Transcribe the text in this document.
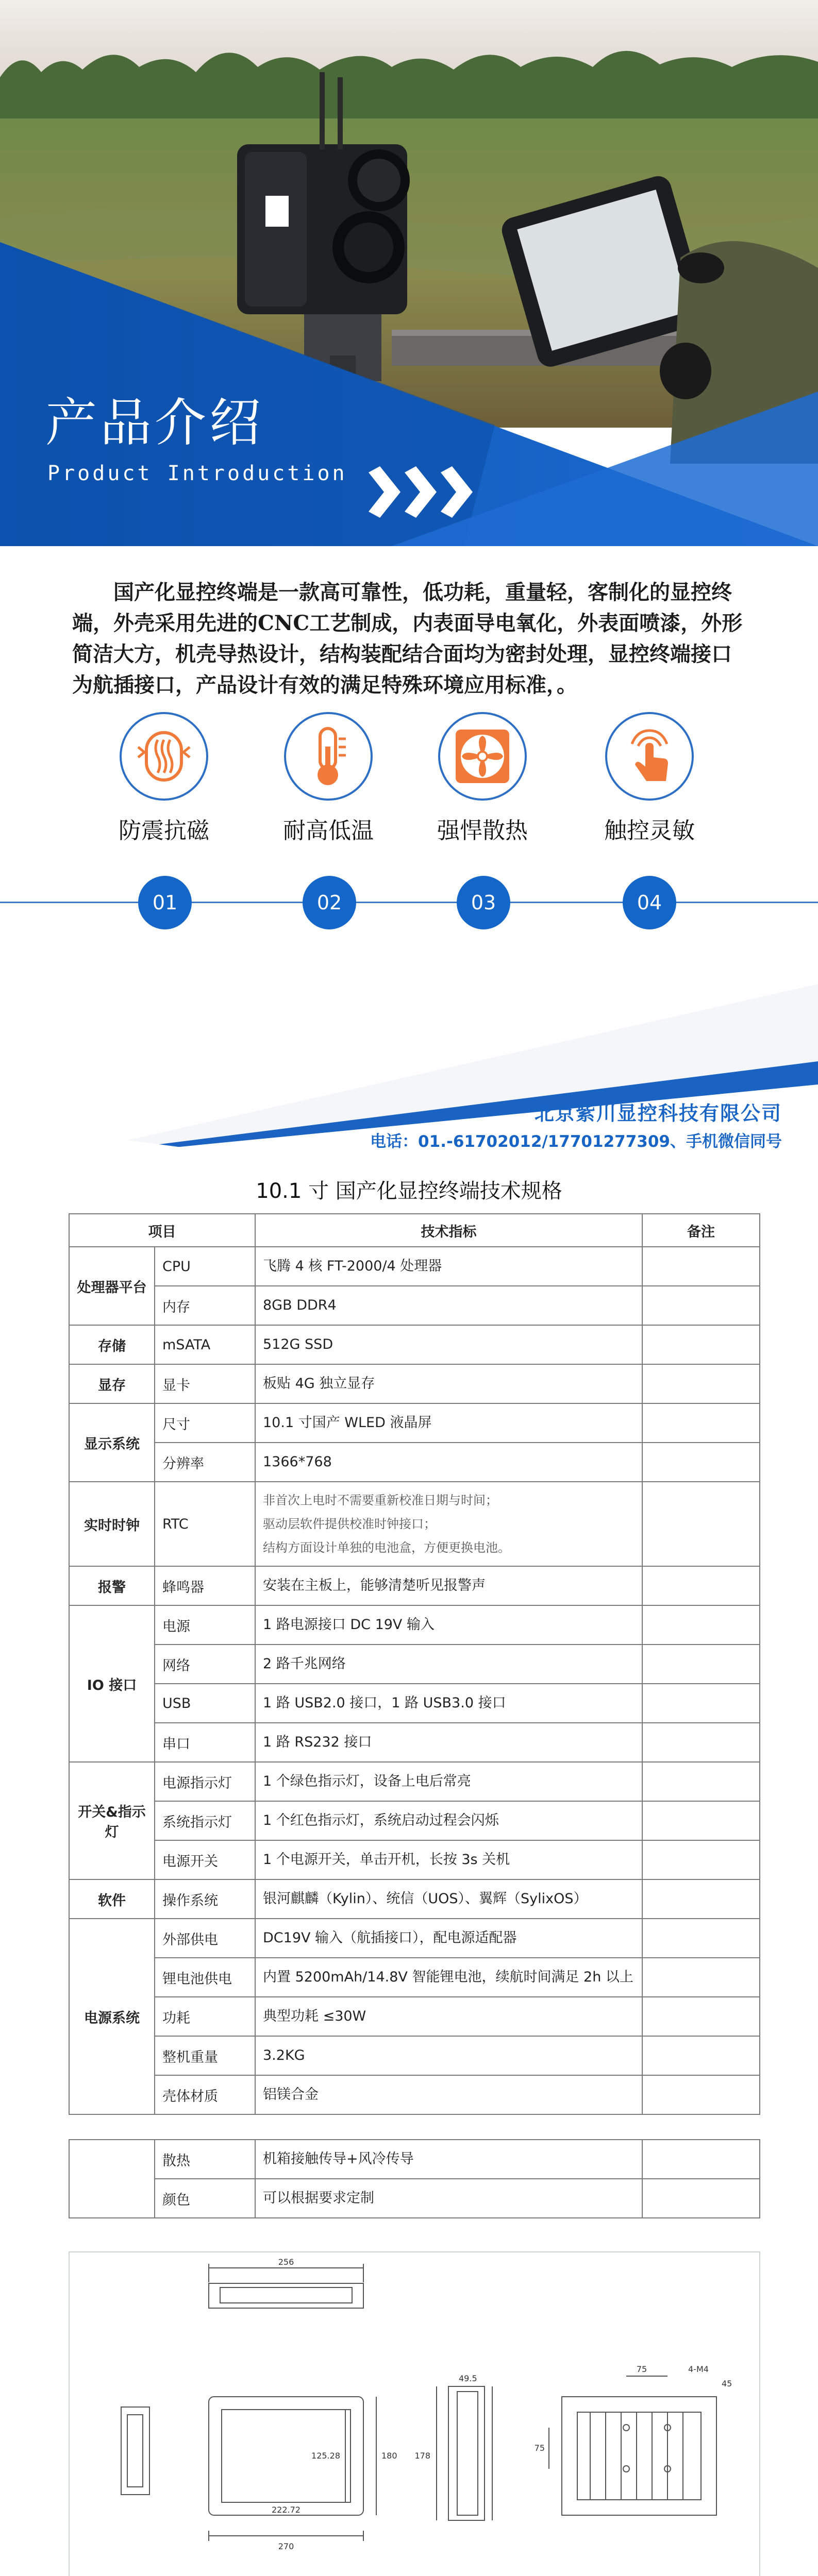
产品介绍
Product Introduction
国产化显控终端是一款高可靠性，低功耗，重量轻，客制化的显控终端，外壳采用先进的CNC工艺制成，内表面导电氧化，外表面喷漆，外形简洁大方，机壳导热设计，结构装配结合面均为密封处理，显控终端接口为航插接口，产品设计有效的满足特殊环境应用标准，。
防震抗磁	耐高低温	强悍散热	触控灵敏
01	02	03	04
北京紫川显控科技有限公司
电话：01.-61702012/17701277309、手机微信同号
10.1 寸 国产化显控终端技术规格
项目		技术指标	备注
处理器平台	CPU	飞腾 4 核 FT-2000/4 处理器	
	内存	8GB DDR4	
存储	mSATA	512G SSD	
显存	显卡	板贴 4G 独立显存	
显示系统	尺寸	10.1 寸国产 WLED 液晶屏	
	分辨率	1366*768	
实时时钟	RTC	非首次上电时不需要重新校准日期与时间；
驱动层软件提供校准时钟接口；
结构方面设计单独的电池盒，方便更换电池。	

报警	蜂鸣器	安装在主板上，能够清楚听见报警声	
IO 接口	电源	1 路电源接口 DC 19V 输入	
	网络	2 路千兆网络	
	USB	1 路 USB2.0 接口，1 路 USB3.0 接口	
	串口	1 路 RS232 接口	
开关&指示灯	电源指示灯	1 个绿色指示灯，设备上电后常亮	
	系统指示灯	1 个红色指示灯，系统启动过程会闪烁	
	电源开关	1 个电源开关，单击开机，长按 3s 关机	
软件	操作系统	银河麒麟（Kylin）、统信（UOS）、翼辉（SylixOS）	
电源系统	外部供电	DC19V 输入（航插接口），配电源适配器	
	锂电池供电	内置 5200mAh/14.8V 智能锂电池，续航时间满足 2h 以上	
	功耗	典型功耗 ≤30W	
	整机重量	3.2KG	
	壳体材质	铝镁合金	
	散热	机箱接触传导+风冷传导	
	颜色	可以根据要求定制	
256
270
222.72
125.28	180
49.5
178
75	4-M4
75
45
